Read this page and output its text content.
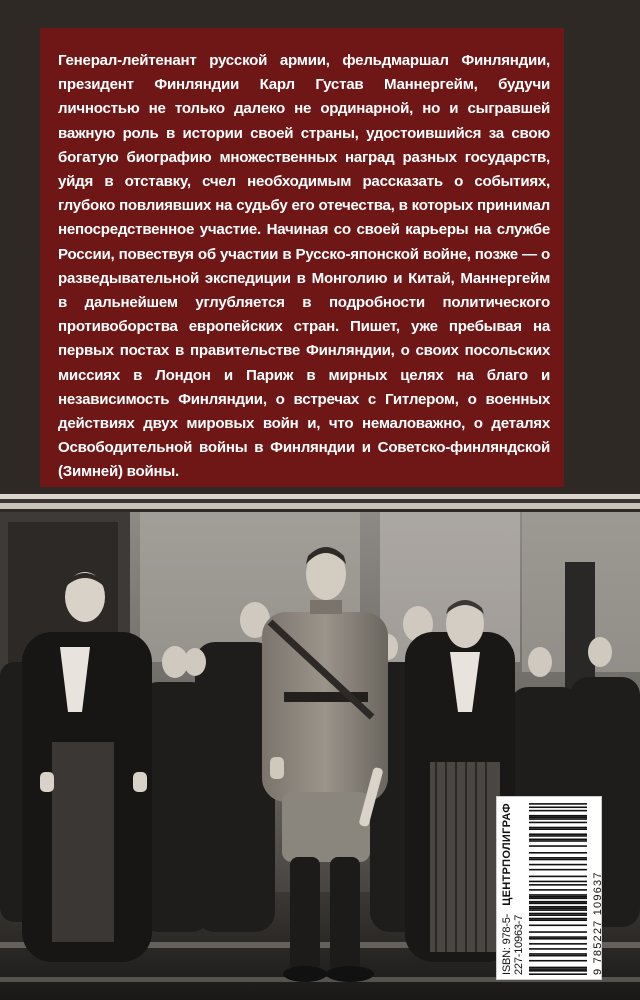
Генерал-лейтенант русской армии, фельдмаршал Финляндии, президент Финляндии Карл Густав Маннергейм, будучи личностью не только далеко не ординарной, но и сыгравшей важную роль в истории своей страны, удостоившийся за свою богатую биографию множественных наград разных государств, уйдя в отставку, счел необходимым рассказать о событиях, глубоко повлиявших на судьбу его отечества, в которых принимал непосредственное участие. Начиная со своей карьеры на службе России, повествуя об участии в Русско-японской войне, позже — о разведывательной экспедиции в Монголию и Китай, Маннергейм в дальнейшем углубляется в подробности политического противоборства европейских стран. Пишет, уже пребывая на первых постах в правительстве Финляндии, о своих посольских миссиях в Лондон и Париж в мирных целях на благо и независимость Финляндии, о встречах с Гитлером, о военных действиях двух мировых войн и, что немаловажно, о деталях Освободительной войны в Финляндии и Советско-финляндской (Зимней) войны.

ISBN: 978-5-227-10963-7
ЦЕНТРПОЛИГРАФ
9 785227 109637
